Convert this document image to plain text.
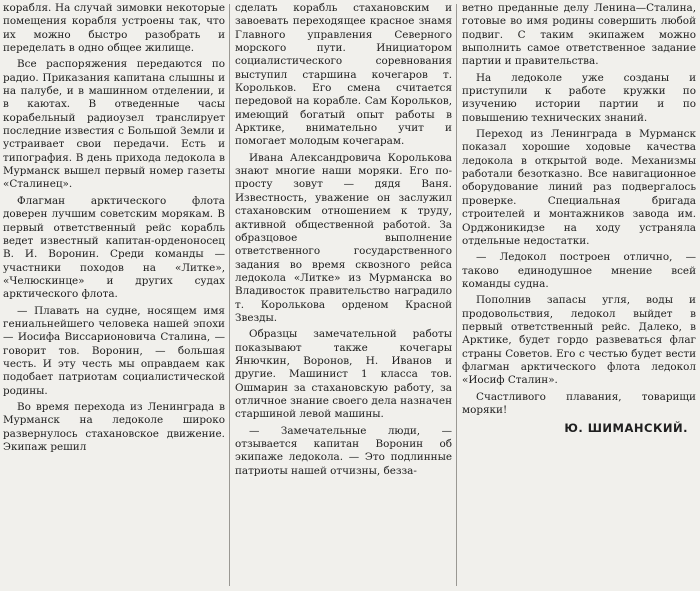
корабля. На случай зимовки некоторые помещения корабля устроены так, что их можно быстро разобрать и переделать в одно общее жилище.

Все распоряжения передаются по радио. Приказания капитана слышны и на палубе, и в машинном отделении, и в каютах. В отведенные часы корабельный радиоузел транслирует последние известия с Большой Земли и устраивает свои передачи. Есть и типография. В день прихода ледокола в Мурманск вышел первый номер газеты «Сталинец».

Флагман арктического флота доверен лучшим советским морякам. В первый ответственный рейс корабль ведет известный капитан-орденоносец В. И. Воронин. Среди команды — участники походов на «Литке», «Челюскинце» и других судах арктического флота.

— Плавать на судне, носящем имя гениальнейшего человека нашей эпохи — Иосифа Виссарионовича Сталина, — говорит тов. Воронин, — большая честь. И эту честь мы оправдаем как подобает патриотам социалистической родины.

Во время перехода из Ленинграда в Мурманск на ледоколе широко развернулось стахановское движение. Экипаж решил

сделать корабль стахановским и завоевать переходящее красное знамя Главного управления Северного морского пути. Инициатором социалистического соревнования выступил старшина кочегаров т. Корольков. Его смена считается передовой на корабле. Сам Корольков, имеющий богатый опыт работы в Арктике, внимательно учит и помогает молодым кочегарам.

Ивана Александровича Королькова знают многие наши моряки. Его по-просту зовут — дядя Ваня. Известность, уважение он заслужил стахановским отношением к труду, активной общественной работой. За образцовое выполнение ответственного государственного задания во время сквозного рейса ледокола «Литке» из Мурманска во Владивосток правительство наградило т. Королькова орденом Красной Звезды.

Образцы замечательной работы показывают также кочегары Янючкин, Воронов, Н. Иванов и другие. Машинист 1 класса тов. Ошмарин за стахановскую работу, за отличное знание своего дела назначен старшиной левой машины.

— Замечательные люди, — отзывается капитан Воронин об экипаже ледокола. — Это подлинные патриоты нашей отчизны, безза-

ветно преданные делу Ленина—Сталина, готовые во имя родины совершить любой подвиг. С таким экипажем можно выполнить самое ответственное задание партии и правительства.

На ледоколе уже созданы и приступили к работе кружки по изучению истории партии и по повышению технических знаний.

Переход из Ленинграда в Мурманск показал хорошие ходовые качества ледокола в открытой воде. Механизмы работали безотказно. Все навигационное оборудование линий раз подвергалось проверке. Специальная бригада строителей и монтажников завода им. Орджоникидзе на ходу устраняла отдельные недостатки.

— Ледокол построен отлично, — таково единодушное мнение всей команды судна.

Пополнив запасы угля, воды и продовольствия, ледокол выйдет в первый ответственный рейс. Далеко, в Арктике, будет гордо развеваться флаг страны Советов. Его с честью будет вести флагман арктического флота ледокол «Иосиф Сталин».

Счастливого плавания, товарищи моряки!

Ю. ШИМАНСКИЙ.
